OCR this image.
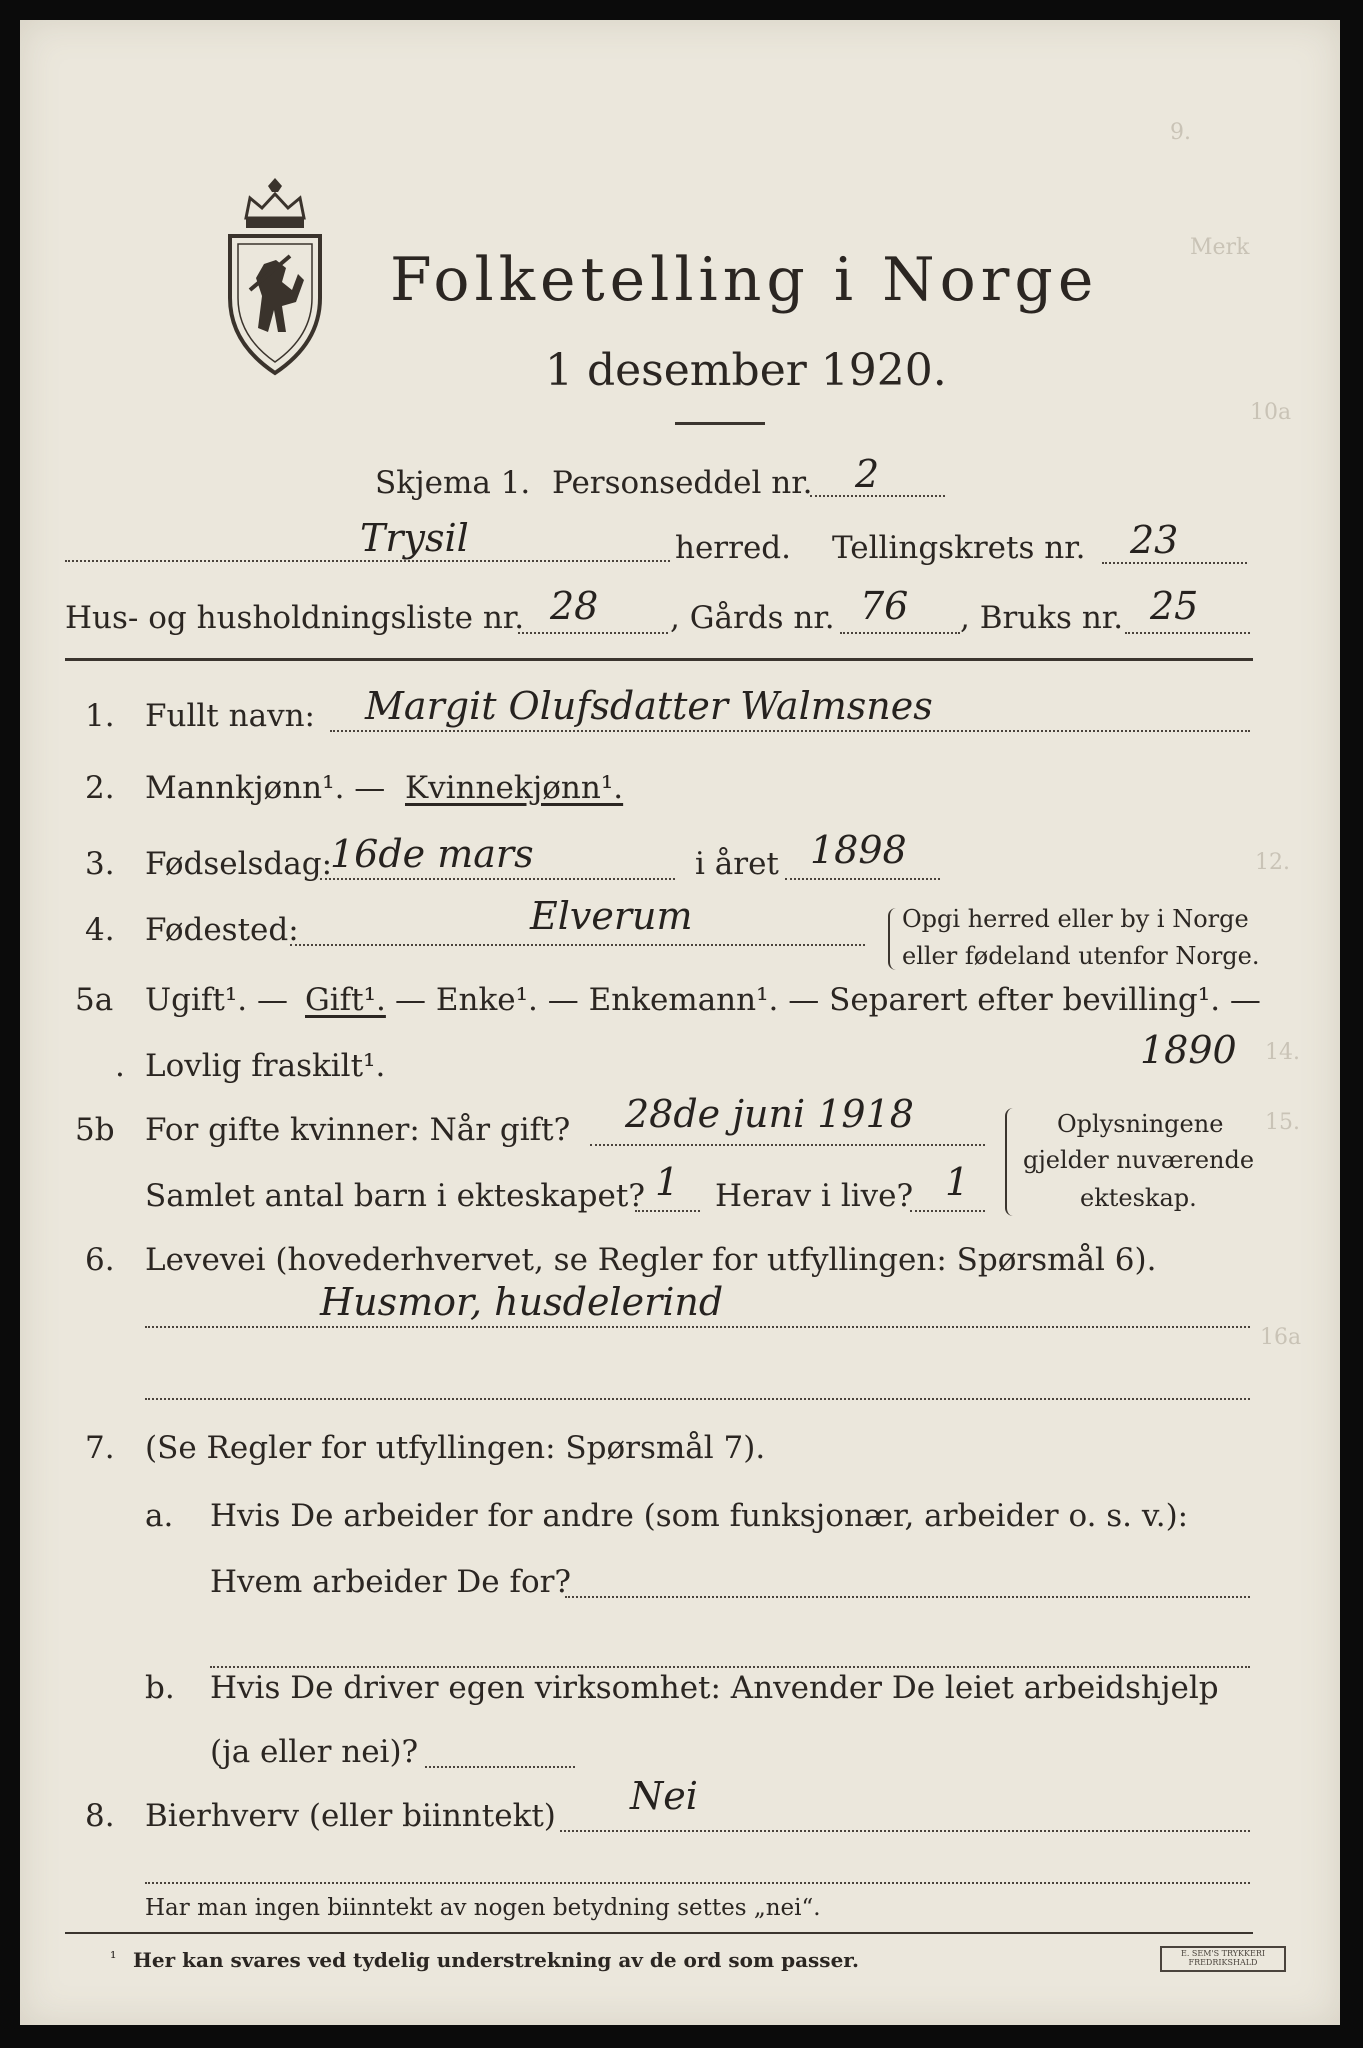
9.
Merk
10a
12.
14.
15.
16a
Folketelling i Norge
1 desember 1920.
Skjema 1. Personseddel nr. 2
Trysil	herred. Tellingskrets nr. 23
Hus- og husholdningsliste nr. 28 , Gårds nr. 76 , Bruks nr. 25
1. Fullt navn: Margit Olufsdatter Walmsnes
2. Mannkjønn¹. — Kvinnekjønn¹.
3. Fødselsdag:
16de mars	i året 1898
4. Fødested:	Elverum	Opgi herred eller by i Norge
eller fødeland utenfor Norge.
5a Ugift¹. — Gift¹. — Enke¹. — Enkemann¹. — Separert efter bevilling¹. —
. Lovlig fraskilt¹.	1890
5b For gifte kvinner: Når gift? 28de juni 1918
Samlet antal barn i ekteskapet? 1 Herav i live? 1
Oplysningene
gjelder nuværende
ekteskap.
6. Levevei (hovederhvervet, se Regler for utfyllingen: Spørsmål 6).
Husmor, husdelerind
7. (Se Regler for utfyllingen: Spørsmål 7).
a. Hvis De arbeider for andre (som funksjonær, arbeider o. s. v.):
Hvem arbeider De for?
b. Hvis De driver egen virksomhet: Anvender De leiet arbeidshjelp
(ja eller nei)?
8. Bierhverv (eller biinntekt) Nei
Har man ingen biinntekt av nogen betydning settes „nei“.
¹ Her kan svares ved tydelig understrekning av de ord som passer.	E. SEM'S TRYKKERI
FREDRIKSHALD
